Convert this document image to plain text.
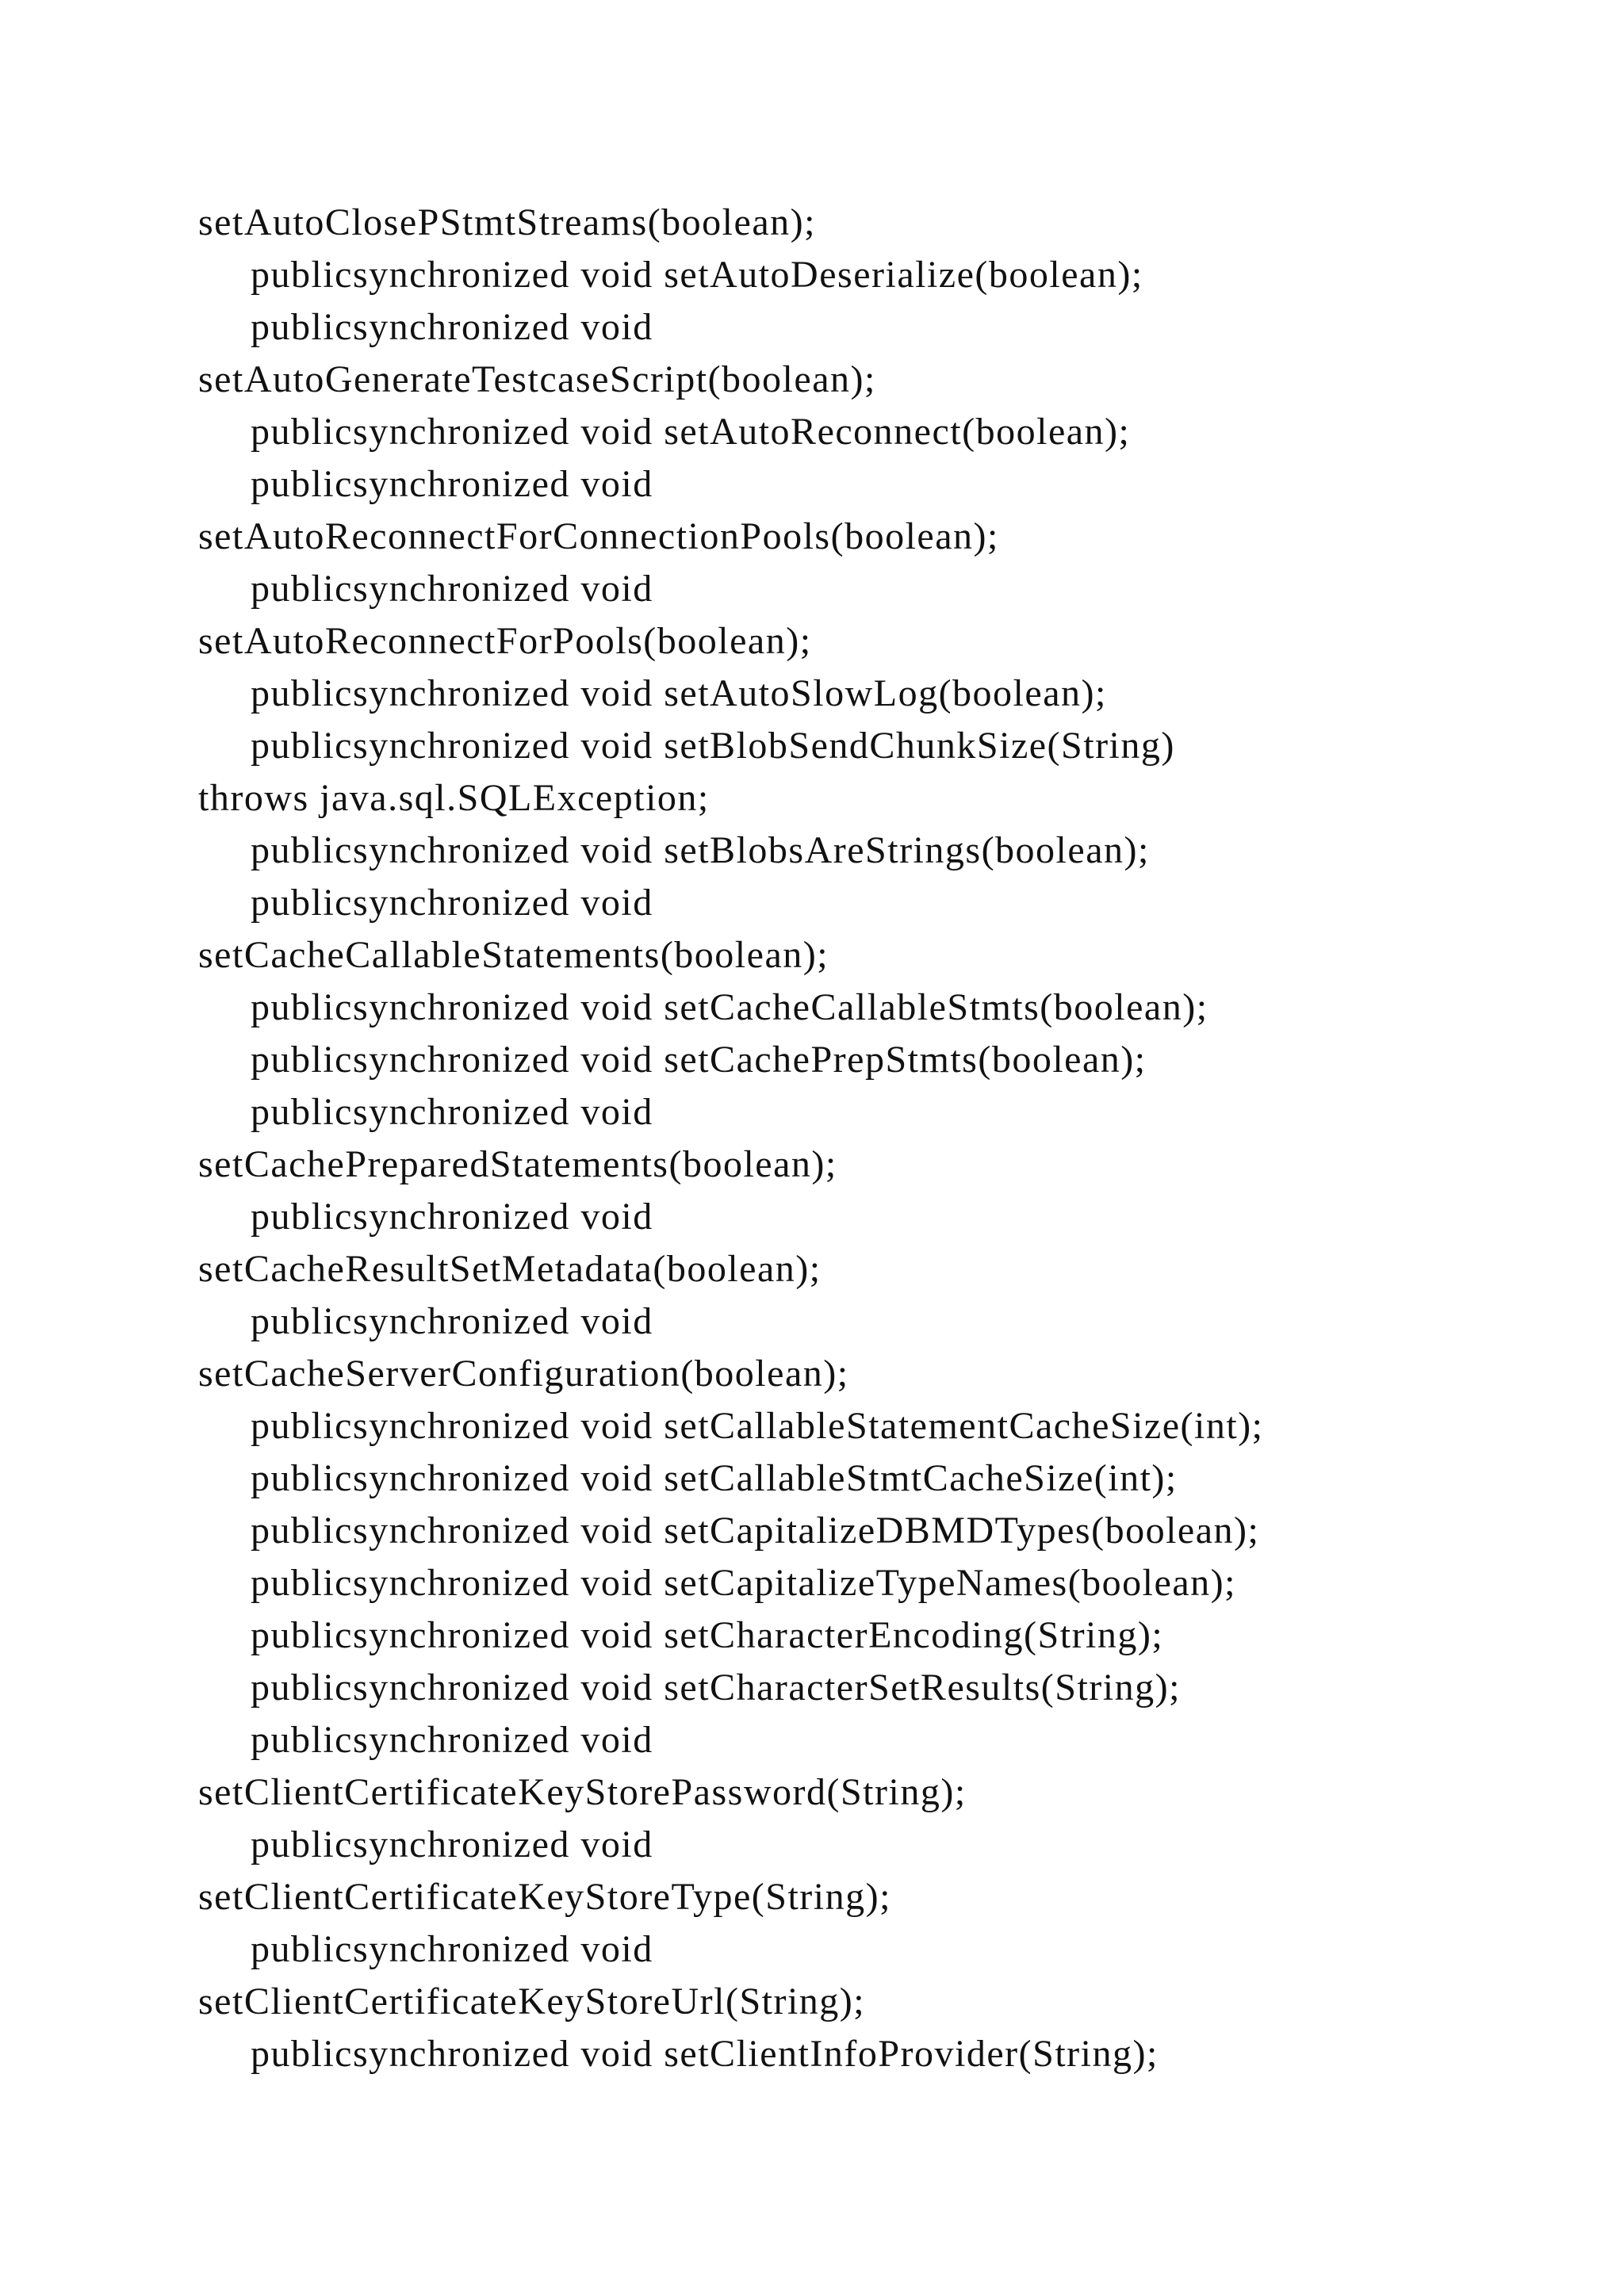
setAutoClosePStmtStreams(boolean);
publicsynchronized void setAutoDeserialize(boolean);
publicsynchronized void
setAutoGenerateTestcaseScript(boolean);
publicsynchronized void setAutoReconnect(boolean);
publicsynchronized void
setAutoReconnectForConnectionPools(boolean);
publicsynchronized void
setAutoReconnectForPools(boolean);
publicsynchronized void setAutoSlowLog(boolean);
publicsynchronized void setBlobSendChunkSize(String)
throws java.sql.SQLException;
publicsynchronized void setBlobsAreStrings(boolean);
publicsynchronized void
setCacheCallableStatements(boolean);
publicsynchronized void setCacheCallableStmts(boolean);
publicsynchronized void setCachePrepStmts(boolean);
publicsynchronized void
setCachePreparedStatements(boolean);
publicsynchronized void
setCacheResultSetMetadata(boolean);
publicsynchronized void
setCacheServerConfiguration(boolean);
publicsynchronized void setCallableStatementCacheSize(int);
publicsynchronized void setCallableStmtCacheSize(int);
publicsynchronized void setCapitalizeDBMDTypes(boolean);
publicsynchronized void setCapitalizeTypeNames(boolean);
publicsynchronized void setCharacterEncoding(String);
publicsynchronized void setCharacterSetResults(String);
publicsynchronized void
setClientCertificateKeyStorePassword(String);
publicsynchronized void
setClientCertificateKeyStoreType(String);
publicsynchronized void
setClientCertificateKeyStoreUrl(String);
publicsynchronized void setClientInfoProvider(String);
